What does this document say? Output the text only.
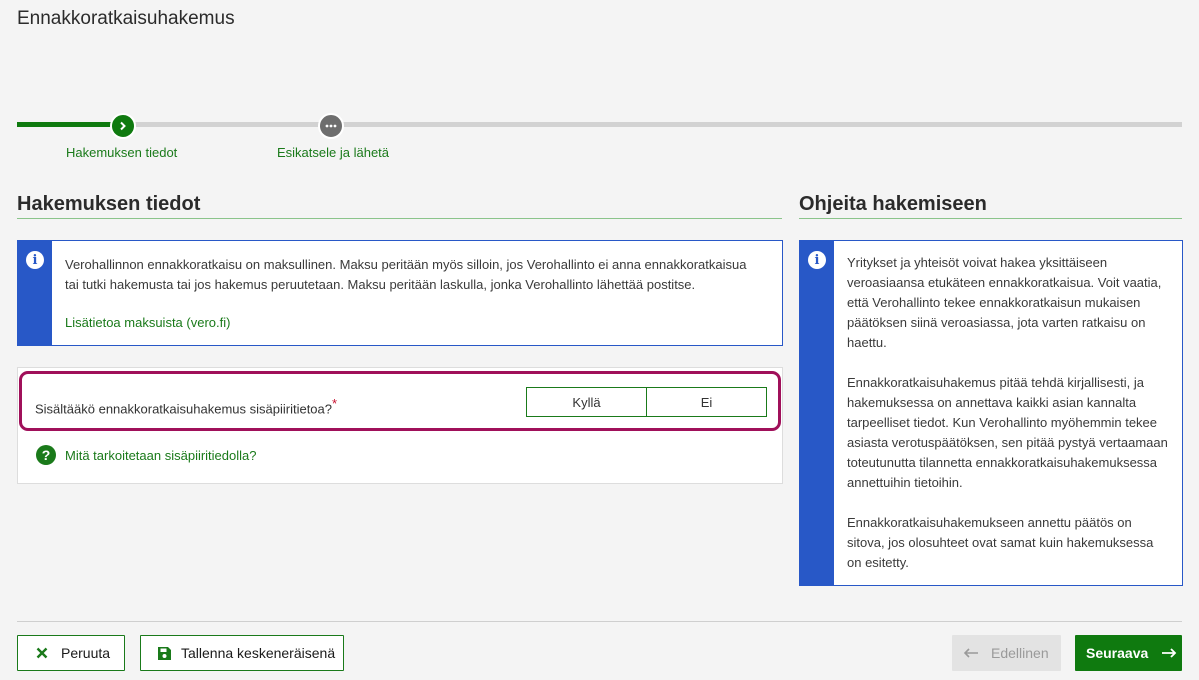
Ennakkoratkaisuhakemus
Hakemuksen tiedot	Esikatsele ja lähetä
Hakemuksen tiedot
i	Verohallinnon ennakkoratkaisu on maksullinen. Maksu peritään myös silloin, jos Verohallinto ei anna ennakkoratkaisua
tai tutki hakemusta tai jos hakemus peruutetaan. Maksu peritään laskulla, jonka Verohallinto lähettää postitse.
Lisätietoa maksuista (vero.fi)
Sisältääkö ennakkoratkaisuhakemus sisäpiiritietoa?*	Kyllä	Ei
?	Mitä tarkoitetaan sisäpiiritiedolla?
Ohjeita hakemiseen
i	Yritykset ja yhteisöt voivat hakea yksittäiseen
veroasiaansa etukäteen ennakkoratkaisua. Voit vaatia,
että Verohallinto tekee ennakkoratkaisun mukaisen
päätöksen siinä veroasiassa, jota varten ratkaisu on
haettu.
Ennakkoratkaisuhakemus pitää tehdä kirjallisesti, ja
hakemuksessa on annettava kaikki asian kannalta
tarpeelliset tiedot. Kun Verohallinto myöhemmin tekee
asiasta verotuspäätöksen, sen pitää pystyä vertaamaan
toteutunutta tilannetta ennakkoratkaisuhakemuksessa
annettuihin tietoihin.
Ennakkoratkaisuhakemukseen annettu päätös on
sitova, jos olosuhteet ovat samat kuin hakemuksessa
on esitetty.
Peruuta	Tallenna keskeneräisenä	Edellinen	Seuraava
